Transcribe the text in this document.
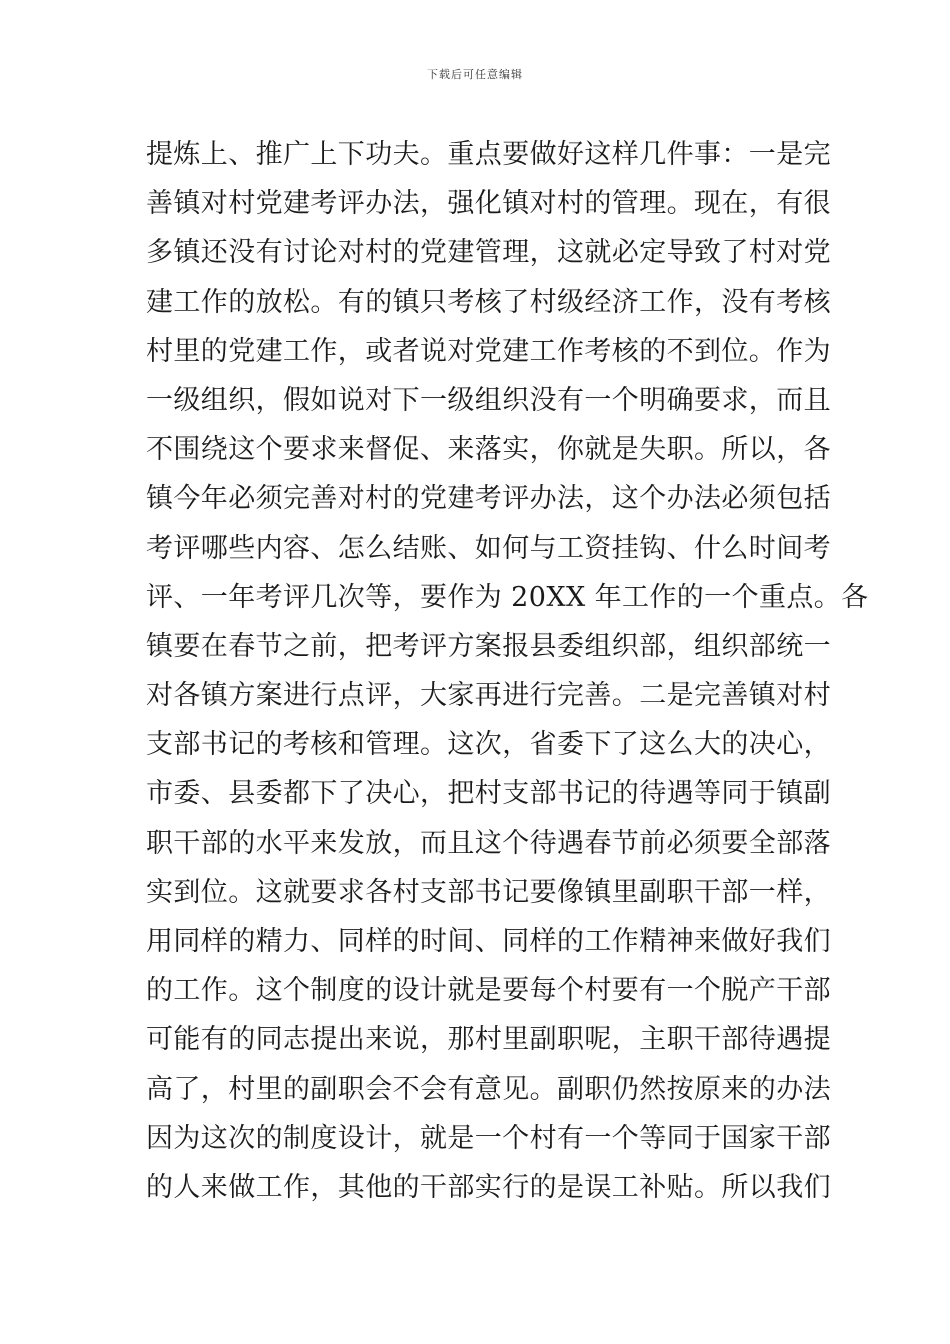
下载后可任意编辑
提炼上、推广上下功夫。重点要做好这样几件事：一是完
善镇对村党建考评办法，强化镇对村的管理。现在，有很
多镇还没有讨论对村的党建管理，这就必定导致了村对党
建工作的放松。有的镇只考核了村级经济工作，没有考核
村里的党建工作，或者说对党建工作考核的不到位。作为
一级组织，假如说对下一级组织没有一个明确要求，而且
不围绕这个要求来督促、来落实，你就是失职。所以，各
镇今年必须完善对村的党建考评办法，这个办法必须包括
考评哪些内容、怎么结账、如何与工资挂钩、什么时间考
评、一年考评几次等，要作为 20XX 年工作的一个重点。各
镇要在春节之前，把考评方案报县委组织部，组织部统一
对各镇方案进行点评，大家再进行完善。二是完善镇对村
支部书记的考核和管理。这次，省委下了这么大的决心，
市委、县委都下了决心，把村支部书记的待遇等同于镇副
职干部的水平来发放，而且这个待遇春节前必须要全部落
实到位。这就要求各村支部书记要像镇里副职干部一样，
用同样的精力、同样的时间、同样的工作精神来做好我们
的工作。这个制度的设计就是要每个村要有一个脱产干部
可能有的同志提出来说，那村里副职呢，主职干部待遇提
高了，村里的副职会不会有意见。副职仍然按原来的办法
因为这次的制度设计，就是一个村有一个等同于国家干部
的人来做工作，其他的干部实行的是误工补贴。所以我们
